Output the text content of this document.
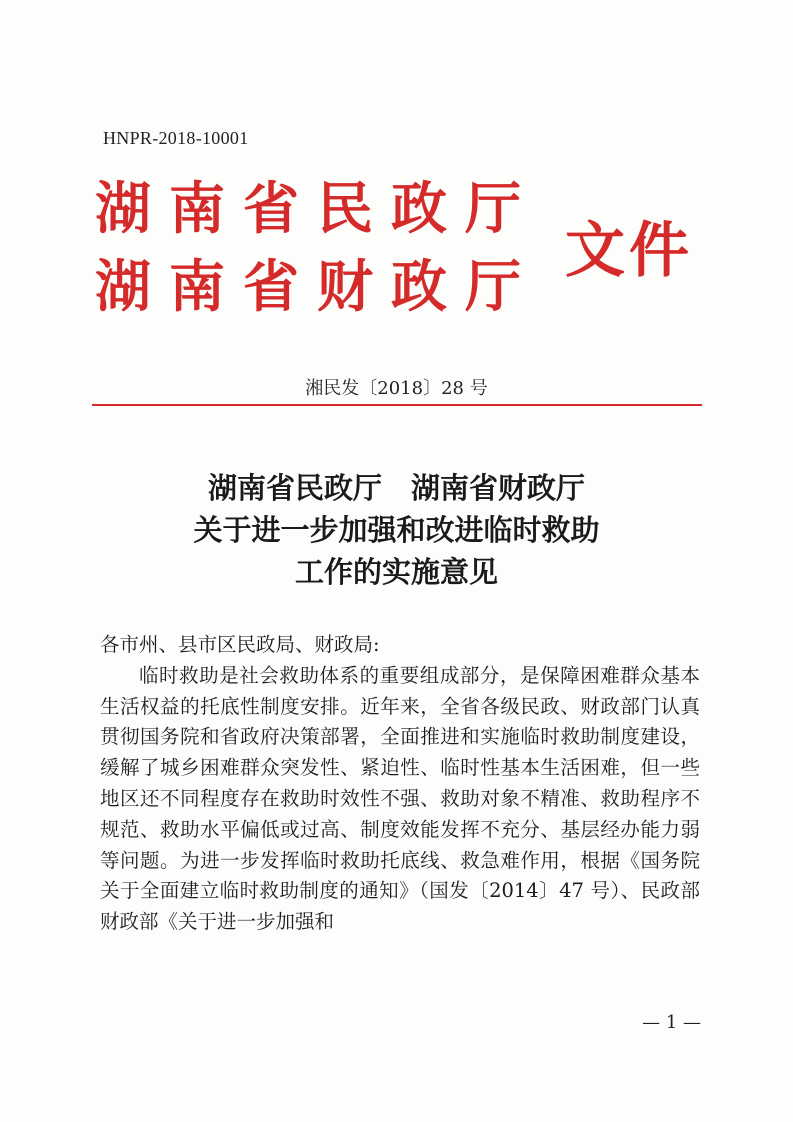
HNPR-2018-10001
湖南省民政厅
湖南省财政厅
文件
湘民发〔2018〕28 号
湖南省民政厅　湖南省财政厅
关于进一步加强和改进临时救助
工作的实施意见
各市州、县市区民政局、财政局:

临时救助是社会救助体系的重要组成部分，是保障困难群众基本生活权益的托底性制度安排。近年来，全省各级民政、财政部门认真贯彻国务院和省政府决策部署，全面推进和实施临时救助制度建设，缓解了城乡困难群众突发性、紧迫性、临时性基本生活困难，但一些地区还不同程度存在救助时效性不强、救助对象不精准、救助程序不规范、救助水平偏低或过高、制度效能发挥不充分、基层经办能力弱等问题。为进一步发挥临时救助托底线、救急难作用，根据《国务院关于全面建立临时救助制度的通知》（国发〔2014〕47 号）、民政部 财政部《关于进一步加强和

— 1 —
